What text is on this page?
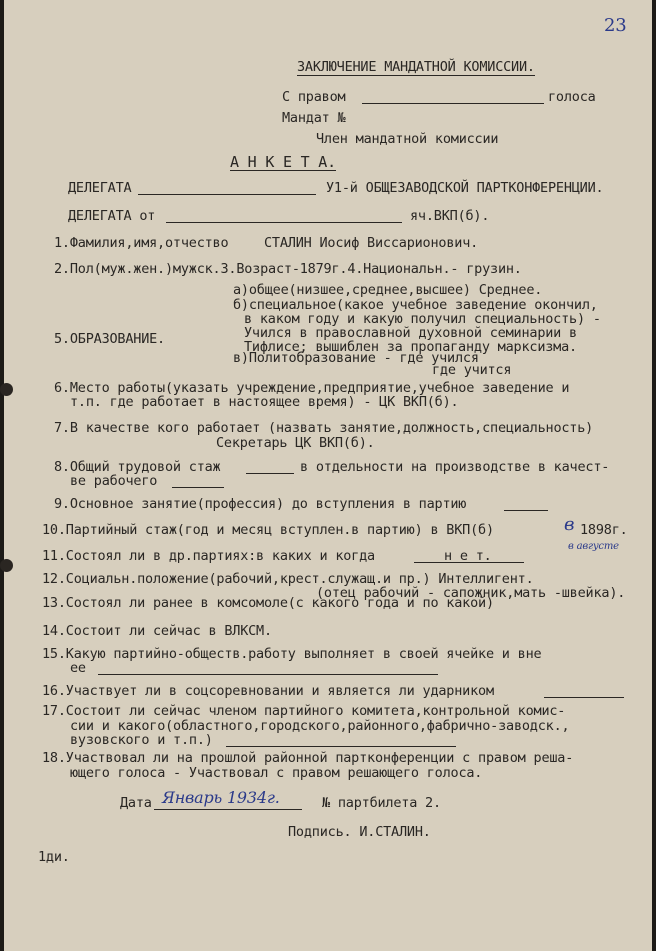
23
ЗАКЛЮЧЕНИЕ МАНДАТНОЙ КОМИССИИ.
С правом	голоса
Мандат №
Член мандатной комиссии
А Н К Е Т А.
ДЕЛЕГАТА	У1-й ОБЩЕЗАВОДСКОЙ ПАРТКОНФЕРЕНЦИИ.
ДЕЛЕГАТА от	яч.ВКП(б).
1.Фамилия,имя,отчество	СТАЛИН Иосиф Виссарионович.
2.Пол(муж.жен.)мужск.3.Возраст-1879г.4.Национальн.- грузин.
а)общее(низшее,среднее,высшее) Среднее.
б)специальное(какое учебное заведение окончил,
в каком году и какую получил специальность) -
Учился в православной духовной семинарии в
Тифлисе; вышиблен за пропаганду марксизма.
5.ОБРАЗОВАНИЕ.
в)Политобразование - где учился
где учится
6.Место работы(указать учреждение,предприятие,учебное заведение и
т.п. где работает в настоящее время) - ЦК ВКП(б).
7.В качестве кого работает (назвать занятие,должность,специальность)
Секретарь ЦК ВКП(б).
8.Общий трудовой стаж	в отдельности на производстве в качест-
ве рабочего
9.Основное занятие(профессия) до вступления в партию
10.Партийный стаж(год и месяц вступлен.в партию) в ВКП(б)	в 1898г.
в августе
11.Состоял ли в др.партиях:в каких и когда	н е т.
12.Социальн.положение(рабочий,крест.служащ.и пр.) Интеллигент.
(отец рабочий - сапожник,мать -швейка).
13.Состоял ли ранее в комсомоле(с какого года и по какой)
14.Состоит ли сейчас в ВЛКСМ.
15.Какую партийно-обществ.работу выполняет в своей ячейке и вне
ее
16.Участвует ли в соцсоревновании и является ли ударником
17.Состоит ли сейчас членом партийного комитета,контрольной комис-
сии и какого(областного,городского,районного,фабрично-заводск.,
вузовского и т.п.)
18.Участвовал ли на прошлой районной партконференции с правом реша-
ющего голоса - Участвовал с правом решающего голоса.
Дата Январь 1934г.	№ партбилета 2.
Подпись. И.СТАЛИН.
1ди.
